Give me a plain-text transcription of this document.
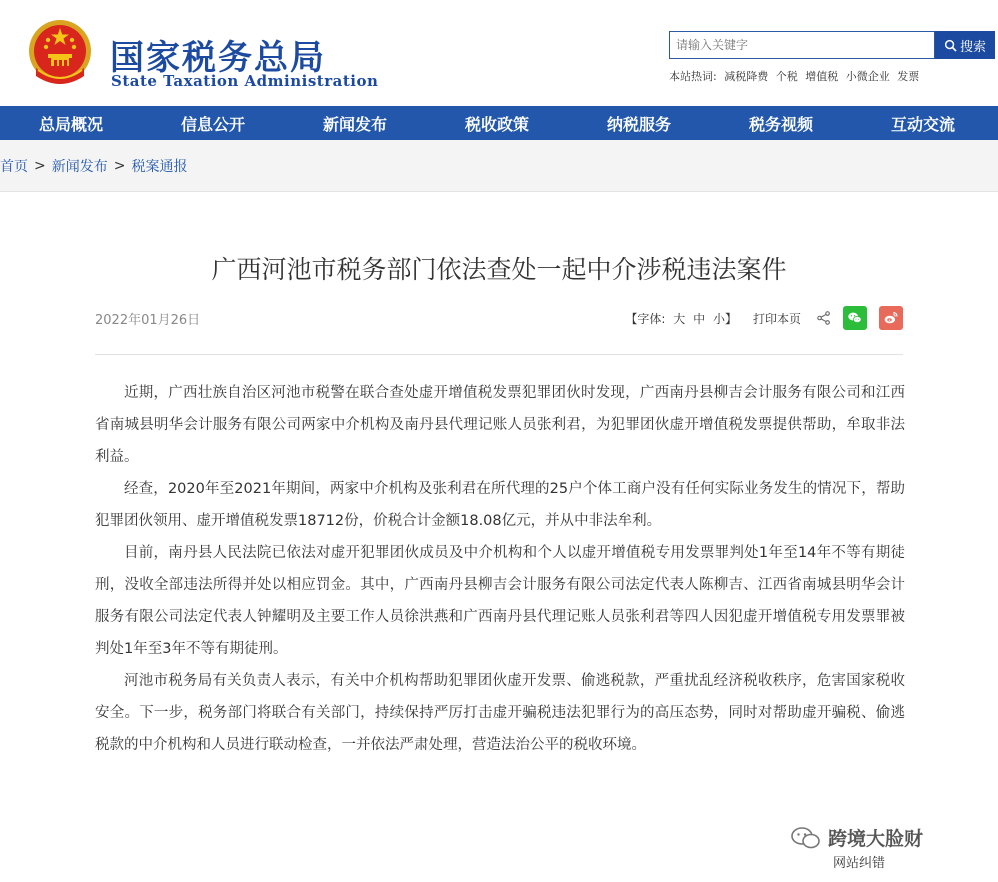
国家税务总局
State Taxation Administration
请输入关键字
搜索
本站热词: 减税降费 个税 增值税 小微企业 发票
总局概况	信息公开	新闻发布	税收政策	纳税服务	税务视频	互动交流
首页 > 新闻发布 > 税案通报
广西河池市税务部门依法查处一起中介涉税违法案件
2022年01月26日	【字体: 大 中 小】 打印本页

近期，广西壮族自治区河池市税警在联合查处虚开增值税发票犯罪团伙时发现，广西南丹县柳吉会计服务有限公司和江西省南城县明华会计服务有限公司两家中介机构及南丹县代理记账人员张利君，为犯罪团伙虚开增值税发票提供帮助，牟取非法利益。

经查，2020年至2021年期间，两家中介机构及张利君在所代理的25户个体工商户没有任何实际业务发生的情况下，帮助犯罪团伙领用、虚开增值税发票18712份，价税合计金额18.08亿元，并从中非法牟利。

目前，南丹县人民法院已依法对虚开犯罪团伙成员及中介机构和个人以虚开增值税专用发票罪判处1年至14年不等有期徒刑，没收全部违法所得并处以相应罚金。其中，广西南丹县柳吉会计服务有限公司法定代表人陈柳吉、江西省南城县明华会计服务有限公司法定代表人钟耀明及主要工作人员徐洪燕和广西南丹县代理记账人员张利君等四人因犯虚开增值税专用发票罪被判处1年至3年不等有期徒刑。

河池市税务局有关负责人表示，有关中介机构帮助犯罪团伙虚开发票、偷逃税款，严重扰乱经济税收秩序，危害国家税收安全。下一步，税务部门将联合有关部门，持续保持严厉打击虚开骗税违法犯罪行为的高压态势，同时对帮助虚开骗税、偷逃税款的中介机构和人员进行联动检查，一并依法严肃处理，营造法治公平的税收环境。

跨境大脸财
网站纠错
